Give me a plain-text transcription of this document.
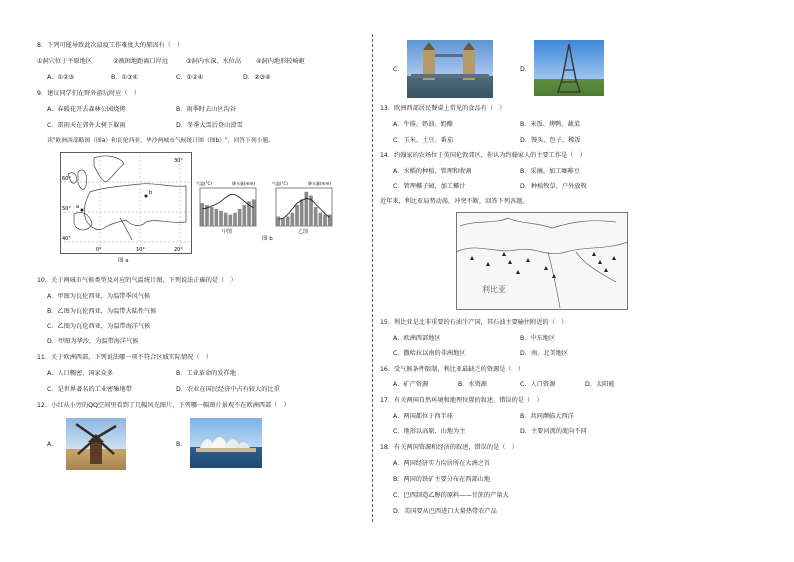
8．下列可能导致此次鼠疫工作难度大的原因有（　）
①洞穴位于平原地区	②被困地距离口岸远	③洞内水深、水位高 ④洞内地形较崎岖
A．①②③	B．①③④	C．①②④	D．②③④
9．建议同学们在野外游玩时应（　）
A．春暖花开去森林公园烧烤	B．雨季时去山区沟谷
C．雷雨天在郊外大树下躲雨	D．冬季大雪后登山滑雪
读"欧洲西部略图（图a）和瓦伦西亚、华沙两城市气候统计图（图b）"，回答下列小题。
a
b
60°
50°
40°
0°	10°	20°
30°
图 a
气温(°C)	降水量(mm)	气温(°C)	降水量(mm)
甲图	乙图
图 b
10．关于两城市气候类型及对应的气温统计图，下列说法正确的是（　）
A．甲图为瓦伦西亚，为温带季风气候
B．乙图为瓦伦西亚，为温带大陆性气候
C．乙图为瓦伦西亚，为温带海洋气候
D．甲图为华沙，为温带海洋气候
11．关于欧洲西部，下列说法哪一项不符合区域实际情况（　）
A．人口稠密，国家众多	B．工业革命的发祥地
C．是世界著名的工业密集地带	D．农业在国民经济中占有较大的比重
12．小红从小旁的QQ空间里看到了几幅风光图片，下列哪一幅图片景观不在欧洲西部（　）
A．	B．
C．	D．
13．欧洲西部居民餐桌上常见的食品有（　）
A．牛排、奶油、奶酪	B．米饭、烤鸭、蔬菜
C．玉米、土豆、番茄	D．馒头、包子、稀饭
14．约翰家的农场位于英国伦敦郊区，你认为约翰家人的主要工作是（　）
A．水稻的种植、管理和收割	B．采摘、加工咖啡豆
C．管理椰子园，加工椰汁	D．种植牧草，户外放牧
近年来，利比亚局势动荡，冲突不断，回答下列各题。
利比亚
15．利比亚是北非重要的石油生产国，其石油主要输往附近的（　）
A．欧洲西部地区	B．中东地区
C．撒哈拉以南的非洲地区	D．南、北美地区
16．受气候条件限制，利比亚最缺乏的资源是（　）
A．矿产资源	B．水资源	C．人口资源	D．太阳能
17．有关两国自然环境和地理位置的叙述，错误的是（　）
A．两国都位于西半球	B．共同濒临大西洋
C．地形以高原、山地为主	D．主要河流的流向不同
18．有关两国资源和经济的叙述，错误的是（　）
A．两国经济实力均居所在大洲之首
B．两国的铁矿主要分布在西部山地
C．巴西制造乙醇的原料——甘蔗的产量大
D．美国要从巴西进口大量热带农产品
